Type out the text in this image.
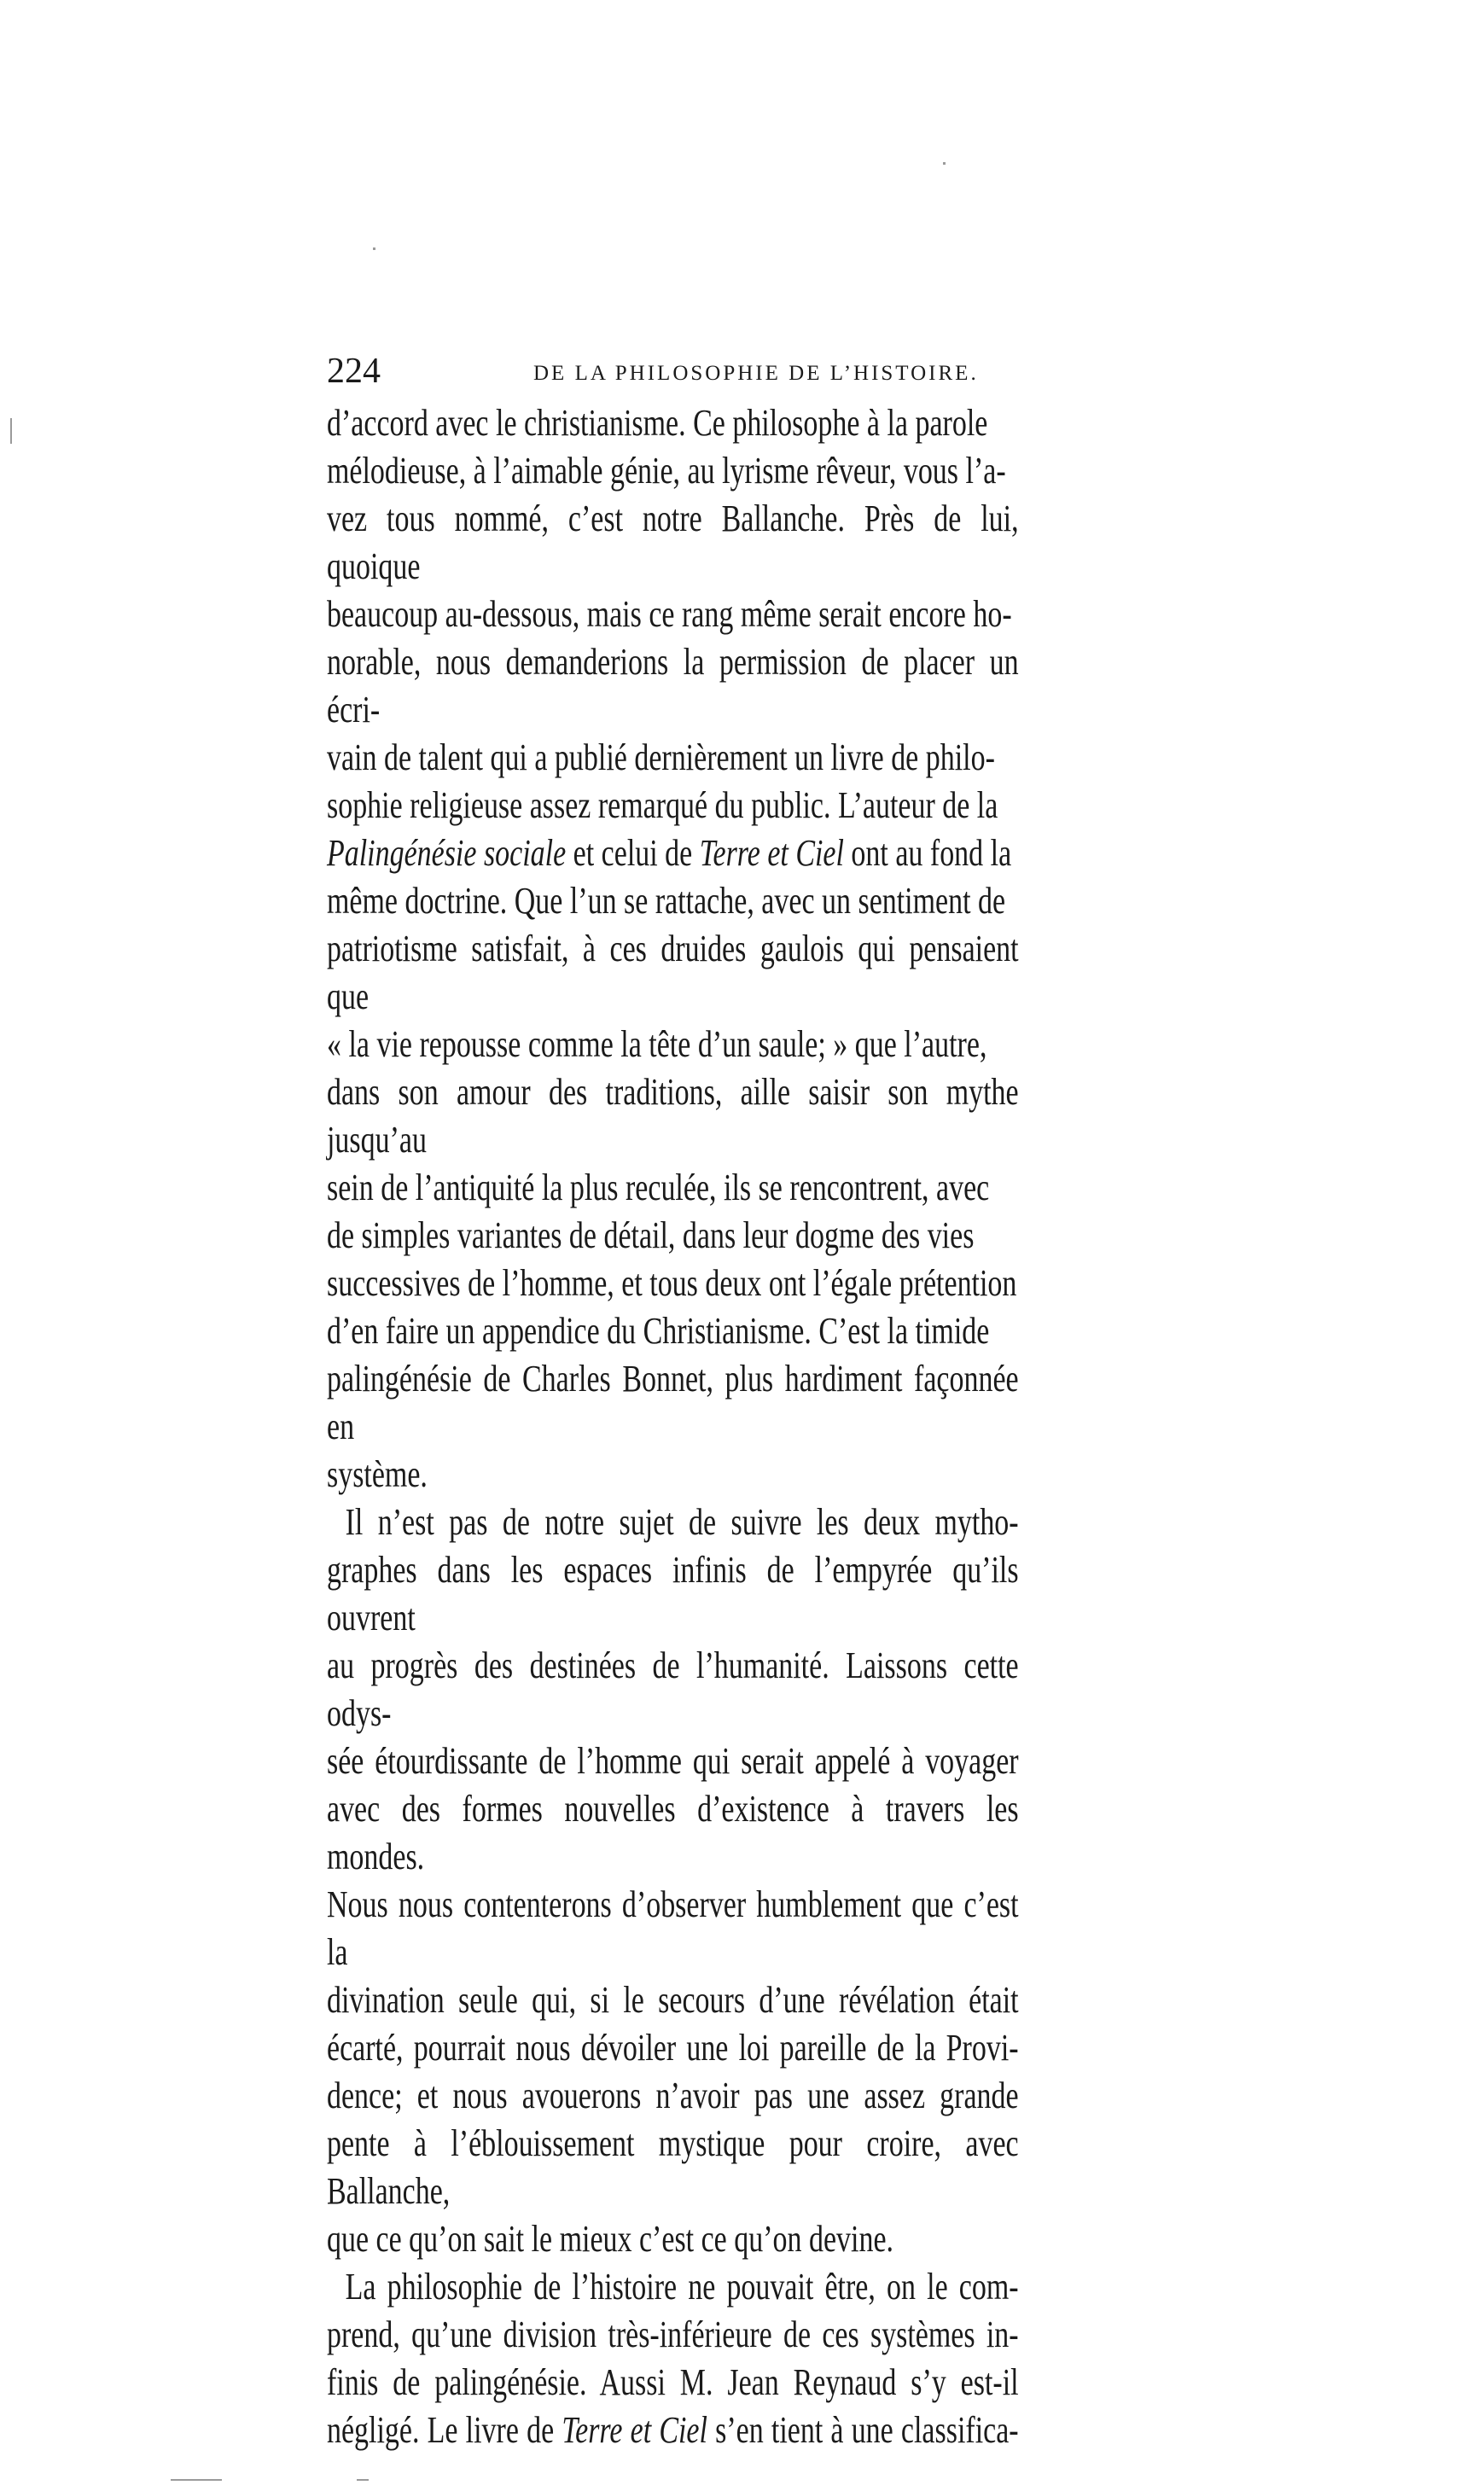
224	DE LA PHILOSOPHIE DE L’HISTOIRE.

d’accord avec le christianisme. Ce philosophe à la parole
mélodieuse, à l’aimable génie, au lyrisme rêveur, vous l’a-
vez tous nommé, c’est notre Ballanche. Près de lui, quoique
beaucoup au-dessous, mais ce rang même serait encore ho-
norable, nous demanderions la permission de placer un écri-
vain de talent qui a publié dernièrement un livre de philo-
sophie religieuse assez remarqué du public. L’auteur de la
Palingénésie sociale et celui de Terre et Ciel ont au fond la
même doctrine. Que l’un se rattache, avec un sentiment de
patriotisme satisfait, à ces druides gaulois qui pensaient que
« la vie repousse comme la tête d’un saule; » que l’autre,
dans son amour des traditions, aille saisir son mythe jusqu’au
sein de l’antiquité la plus reculée, ils se rencontrent, avec
de simples variantes de détail, dans leur dogme des vies
successives de l’homme, et tous deux ont l’égale prétention
d’en faire un appendice du Christianisme. C’est la timide
palingénésie de Charles Bonnet, plus hardiment façonnée en
système.

Il n’est pas de notre sujet de suivre les deux mytho-
graphes dans les espaces infinis de l’empyrée qu’ils ouvrent
au progrès des destinées de l’humanité. Laissons cette odys-
sée étourdissante de l’homme qui serait appelé à voyager
avec des formes nouvelles d’existence à travers les mondes.
Nous nous contenterons d’observer humblement que c’est la
divination seule qui, si le secours d’une révélation était
écarté, pourrait nous dévoiler une loi pareille de la Provi-
dence; et nous avouerons n’avoir pas une assez grande
pente à l’éblouissement mystique pour croire, avec Ballanche,
que ce qu’on sait le mieux c’est ce qu’on devine.

La philosophie de l’histoire ne pouvait être, on le com-
prend, qu’une division très-inférieure de ces systèmes in-
finis de palingénésie. Aussi M. Jean Reynaud s’y est-il
négligé. Le livre de Terre et Ciel s’en tient à une classifica-
